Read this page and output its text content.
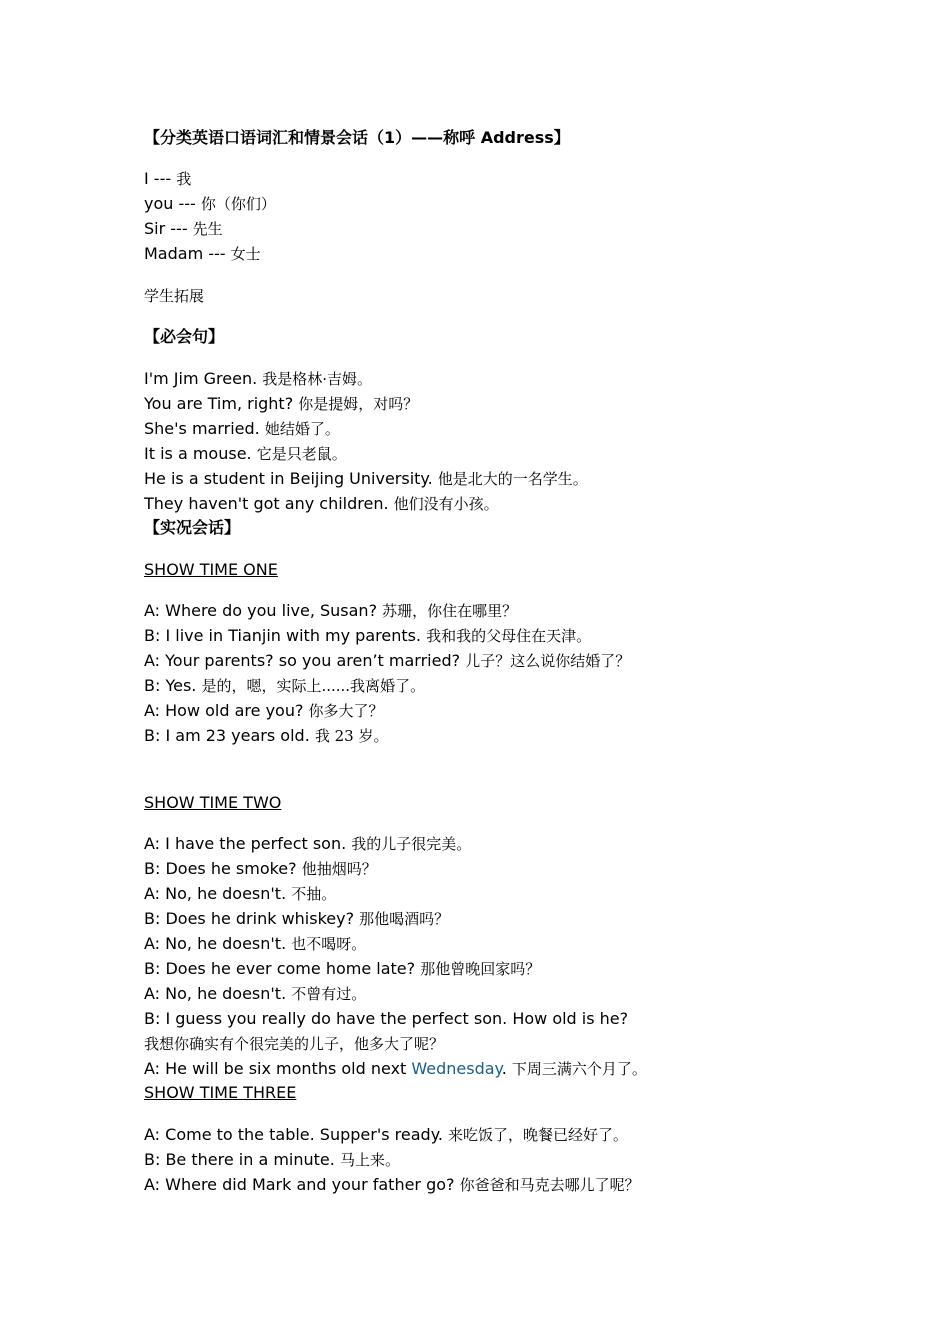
【分类英语口语词汇和情景会话（1）——称呼 Address】
I --- 我
you --- 你（你们）
Sir --- 先生
Madam --- 女士
学生拓展
【必会句】
I'm Jim Green. 我是格林·吉姆。
You are Tim, right? 你是提姆，对吗？
She's married. 她结婚了。
It is a mouse. 它是只老鼠。
He is a student in Beijing University. 他是北大的一名学生。
They haven't got any children. 他们没有小孩。
【实况会话】
SHOW TIME ONE
A: Where do you live, Susan? 苏珊，你住在哪里？
B: I live in Tianjin with my parents. 我和我的父母住在天津。
A: Your parents? so you aren’t married? 儿子？这么说你结婚了？
B: Yes. 是的，嗯，实际上......我离婚了。
A: How old are you? 你多大了？
B: I am 23 years old. 我 23 岁。
SHOW TIME TWO
A: I have the perfect son. 我的儿子很完美。
B: Does he smoke? 他抽烟吗？
A: No, he doesn't. 不抽。
B: Does he drink whiskey? 那他喝酒吗？
A: No, he doesn't. 也不喝呀。
B: Does he ever come home late? 那他曾晚回家吗？
A: No, he doesn't. 不曾有过。
B: I guess you really do have the perfect son. How old is he?
我想你确实有个很完美的儿子，他多大了呢？
A: He will be six months old next Wednesday. 下周三满六个月了。
SHOW TIME THREE
A: Come to the table. Supper's ready. 来吃饭了，晚餐已经好了。
B: Be there in a minute. 马上来。
A: Where did Mark and your father go? 你爸爸和马克去哪儿了呢？
